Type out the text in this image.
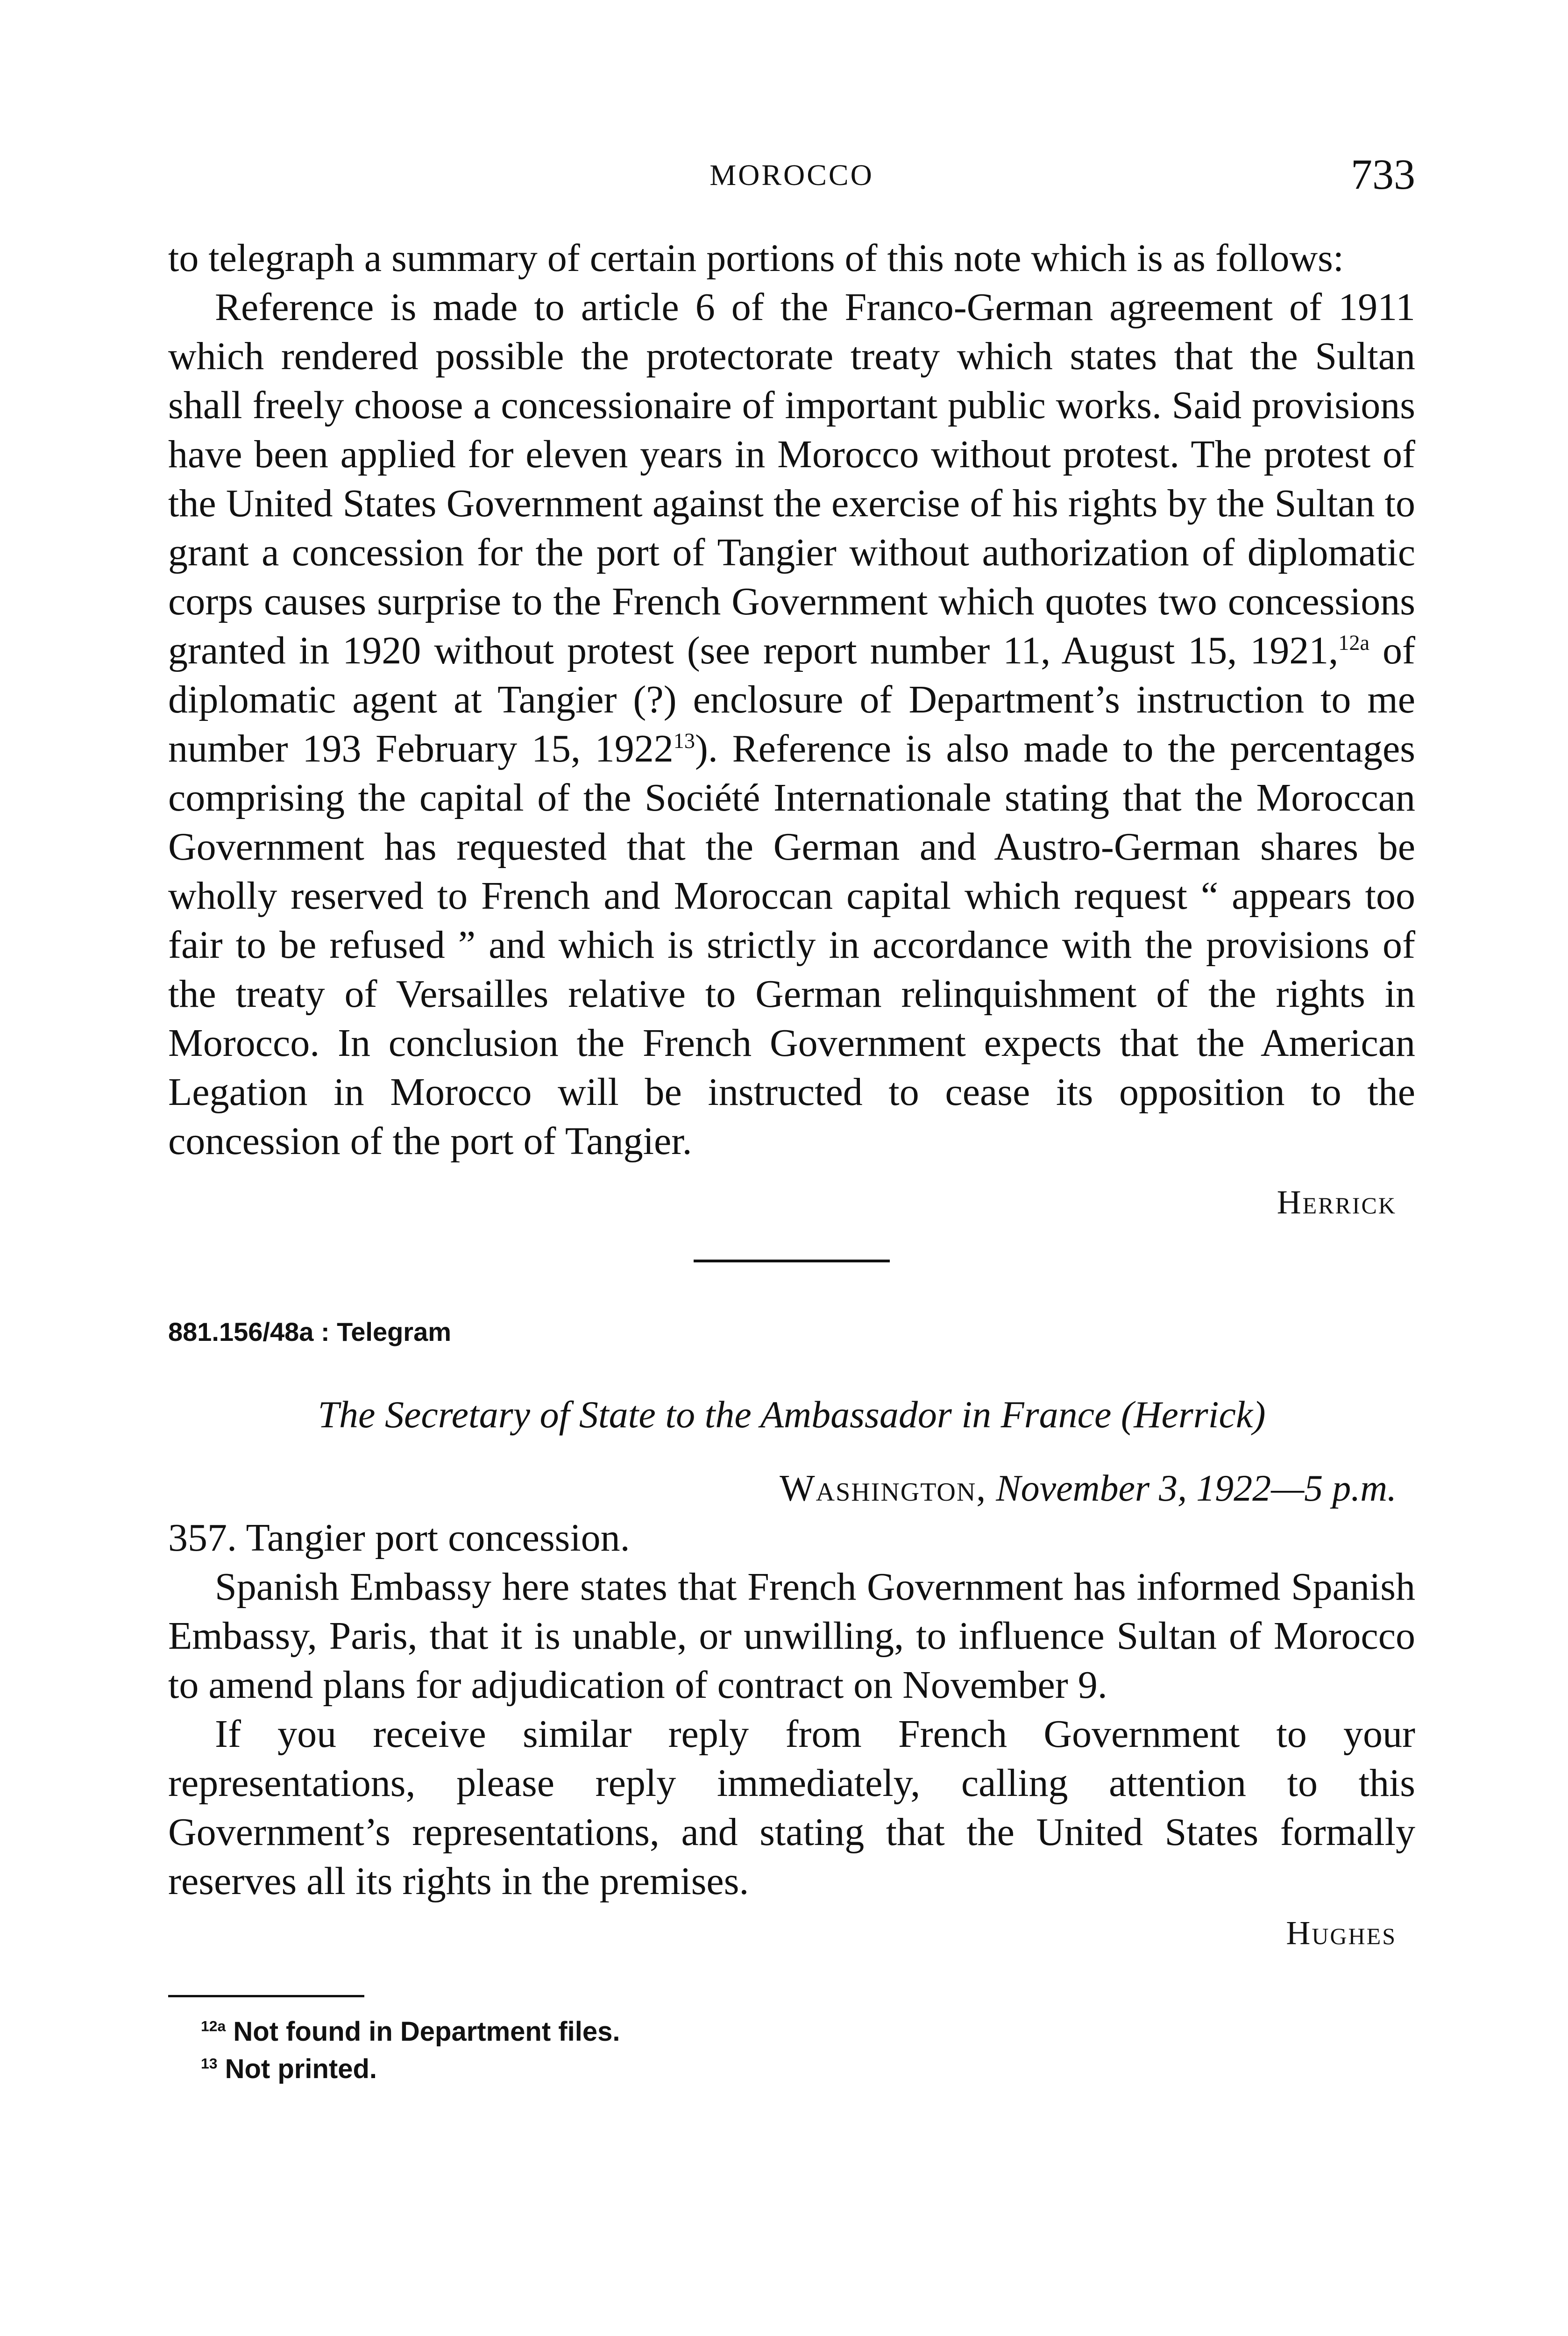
MOROCCO	733

to telegraph a summary of certain portions of this note which is as follows:

Reference is made to article 6 of the Franco-German agreement of 1911 which rendered possible the protectorate treaty which states that the Sultan shall freely choose a concessionaire of important public works. Said provisions have been applied for eleven years in Morocco without protest. The protest of the United States Government against the exercise of his rights by the Sultan to grant a concession for the port of Tangier without authorization of diplomatic corps causes surprise to the French Government which quotes two concessions granted in 1920 without protest (see report number 11, August 15, 1921,$^{12a}$ of diplomatic agent at Tangier (?) enclosure of Department’s instruction to me number 193 February 15, 1922$^{13}$). Reference is also made to the percentages comprising the capital of the Société Internationale stating that the Moroccan Government has requested that the German and Austro-German shares be wholly reserved to French and Moroccan capital which request “ appears too fair to be refused ” and which is strictly in accordance with the provisions of the treaty of Versailles relative to German relinquishment of the rights in Morocco. In conclusion the French Government expects that the American Legation in Morocco will be instructed to cease its opposition to the concession of the port of Tangier.

Herrick
881.156/48a : Telegram
The Secretary of State to the Ambassador in France (Herrick)
Washington, November 3, 1922—5 p.m.

357. Tangier port concession.

Spanish Embassy here states that French Government has informed Spanish Embassy, Paris, that it is unable, or unwilling, to influence Sultan of Morocco to amend plans for adjudication of contract on November 9.

If you receive similar reply from French Government to your representations, please reply immediately, calling attention to this Government’s representations, and stating that the United States formally reserves all its rights in the premises.

Hughes
$^{12a}$ Not found in Department files.
$^{13}$ Not printed.
